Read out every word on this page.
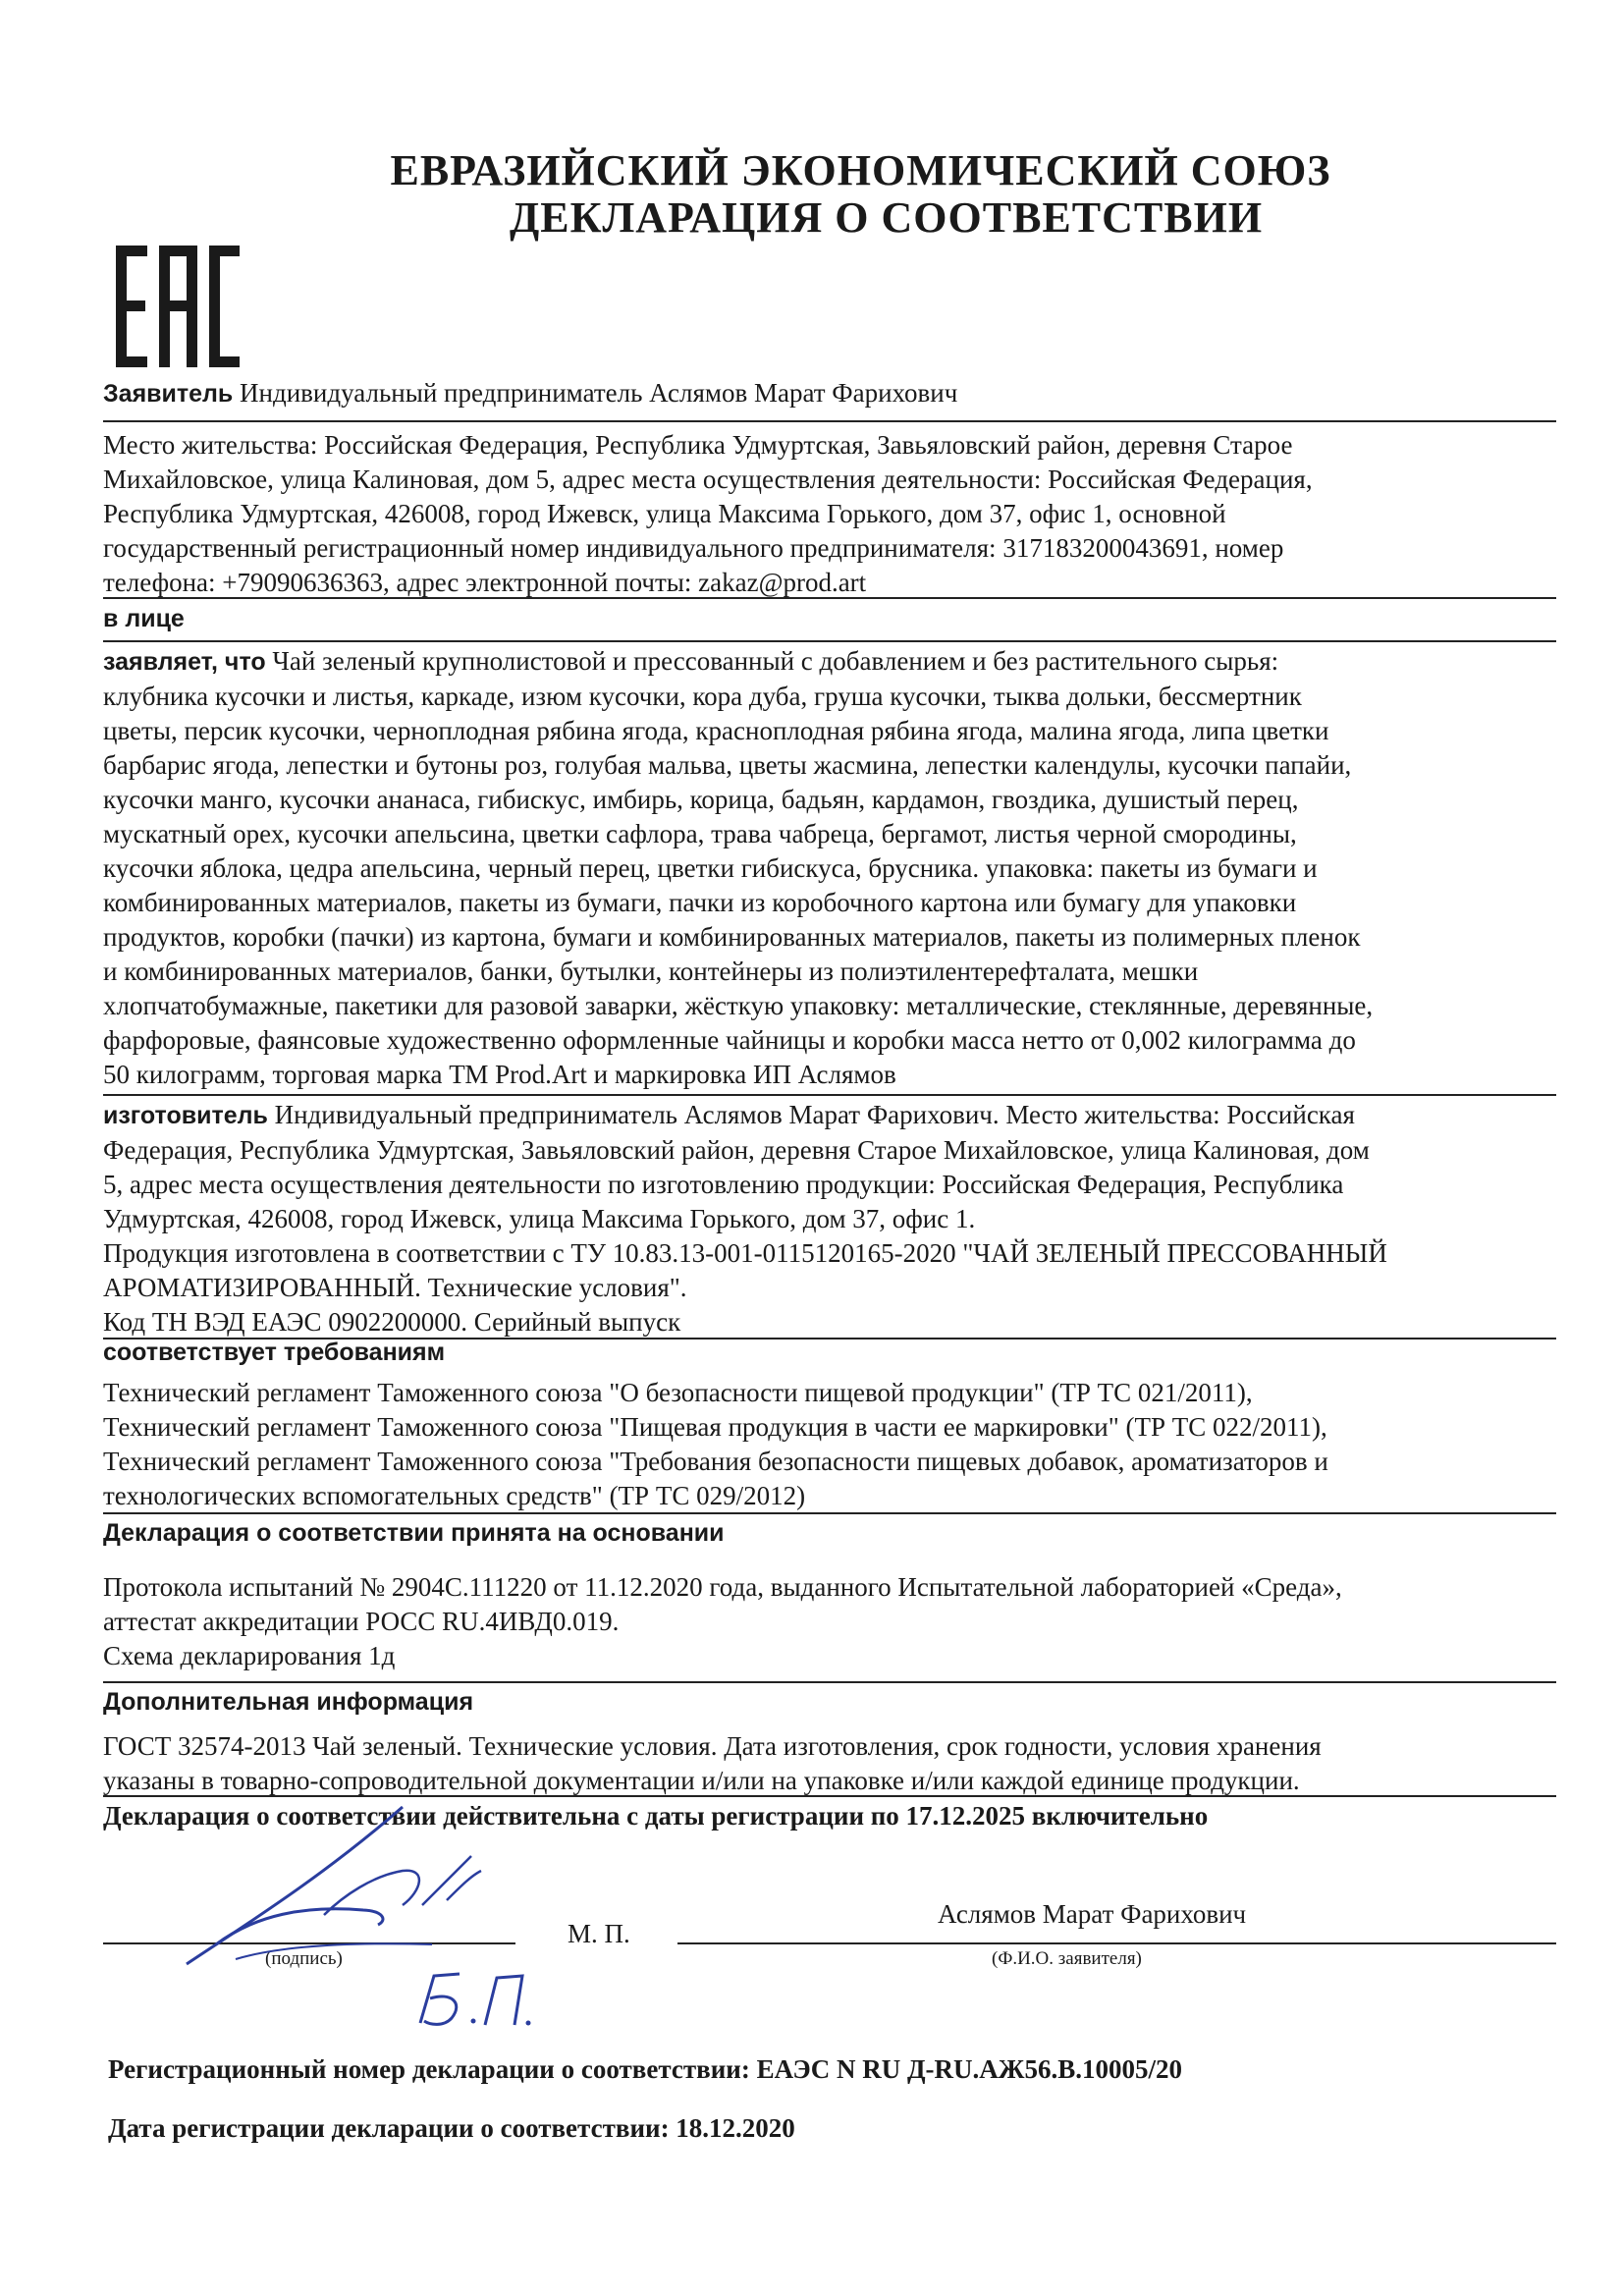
ЕВРАЗИЙСКИЙ ЭКОНОМИЧЕСКИЙ СОЮЗ
ДЕКЛАРАЦИЯ О СООТВЕТСТВИИ

Заявитель Индивидуальный предприниматель Аслямов Марат Фарихович

Место жительства: Российская Федерация, Республика Удмуртская, Завьяловский район, деревня Старое

Михайловское, улица Калиновая, дом 5, адрес места осуществления деятельности: Российская Федерация,

Республика Удмуртская, 426008, город Ижевск, улица Максима Горького, дом 37, офис 1, основной

государственный регистрационный номер индивидуального предпринимателя: 317183200043691, номер

телефона: +79090636363, адрес электронной почты: zakaz@prod.art

в лице

заявляет, что Чай зеленый крупнолистовой и прессованный с добавлением и без растительного сырья:

клубника кусочки и листья, каркаде, изюм кусочки, кора дуба, груша кусочки, тыква дольки, бессмертник

цветы, персик кусочки, черноплодная рябина ягода, красноплодная рябина ягода, малина ягода, липа цветки

барбарис ягода, лепестки и бутоны роз, голубая мальва, цветы жасмина, лепестки календулы, кусочки папайи,

кусочки манго, кусочки ананаса, гибискус, имбирь, корица, бадьян, кардамон, гвоздика, душистый перец,

мускатный орех, кусочки апельсина, цветки сафлора, трава чабреца, бергамот, листья черной смородины,

кусочки яблока, цедра апельсина, черный перец, цветки гибискуса, брусника. упаковка: пакеты из бумаги и

комбинированных материалов, пакеты из бумаги, пачки из коробочного картона или бумагу для упаковки

продуктов, коробки (пачки) из картона, бумаги и комбинированных материалов, пакеты из полимерных пленок

и комбинированных материалов, банки, бутылки, контейнеры из полиэтилентерефталата, мешки

хлопчатобумажные, пакетики для разовой заварки, жёсткую упаковку: металлические, стеклянные, деревянные,

фарфоровые, фаянсовые художественно оформленные чайницы и коробки масса нетто от 0,002 килограмма до

50 килограмм, торговая марка ТМ Prod.Art и маркировка ИП Аслямов

изготовитель Индивидуальный предприниматель Аслямов Марат Фарихович. Место жительства: Российская

Федерация, Республика Удмуртская, Завьяловский район, деревня Старое Михайловское, улица Калиновая, дом

5, адрес места осуществления деятельности по изготовлению продукции: Российская Федерация, Республика

Удмуртская, 426008, город Ижевск, улица Максима Горького, дом 37, офис 1.

Продукция изготовлена в соответствии с ТУ 10.83.13-001-0115120165-2020 "ЧАЙ ЗЕЛЕНЫЙ ПРЕССОВАННЫЙ

АРОМАТИЗИРОВАННЫЙ. Технические условия".

Код ТН ВЭД ЕАЭС 0902200000. Серийный выпуск

соответствует требованиям

Технический регламент Таможенного союза "О безопасности пищевой продукции" (ТР ТС 021/2011),

Технический регламент Таможенного союза "Пищевая продукция в части ее маркировки" (ТР ТС 022/2011),

Технический регламент Таможенного союза "Требования безопасности пищевых добавок, ароматизаторов и

технологических вспомогательных средств" (ТР ТС 029/2012)

Декларация о соответствии принята на основании

Протокола испытаний № 2904С.111220 от 11.12.2020 года, выданного Испытательной лабораторией «Среда»,

аттестат аккредитации РОСС RU.4ИВД0.019.

Схема декларирования 1д

Дополнительная информация

ГОСТ 32574-2013 Чай зеленый. Технические условия. Дата изготовления, срок годности, условия хранения

указаны в товарно-сопроводительной документации и/или на упаковке и/или каждой единице продукции.

Декларация о соответствии действительна с даты регистрации по 17.12.2025 включительно
(подпись)
М. П.
Аслямов Марат Фарихович
(Ф.И.О. заявителя)
Регистрационный номер декларации о соответствии: ЕАЭС N RU Д-RU.АЖ56.В.10005/20
Дата регистрации декларации о соответствии: 18.12.2020
